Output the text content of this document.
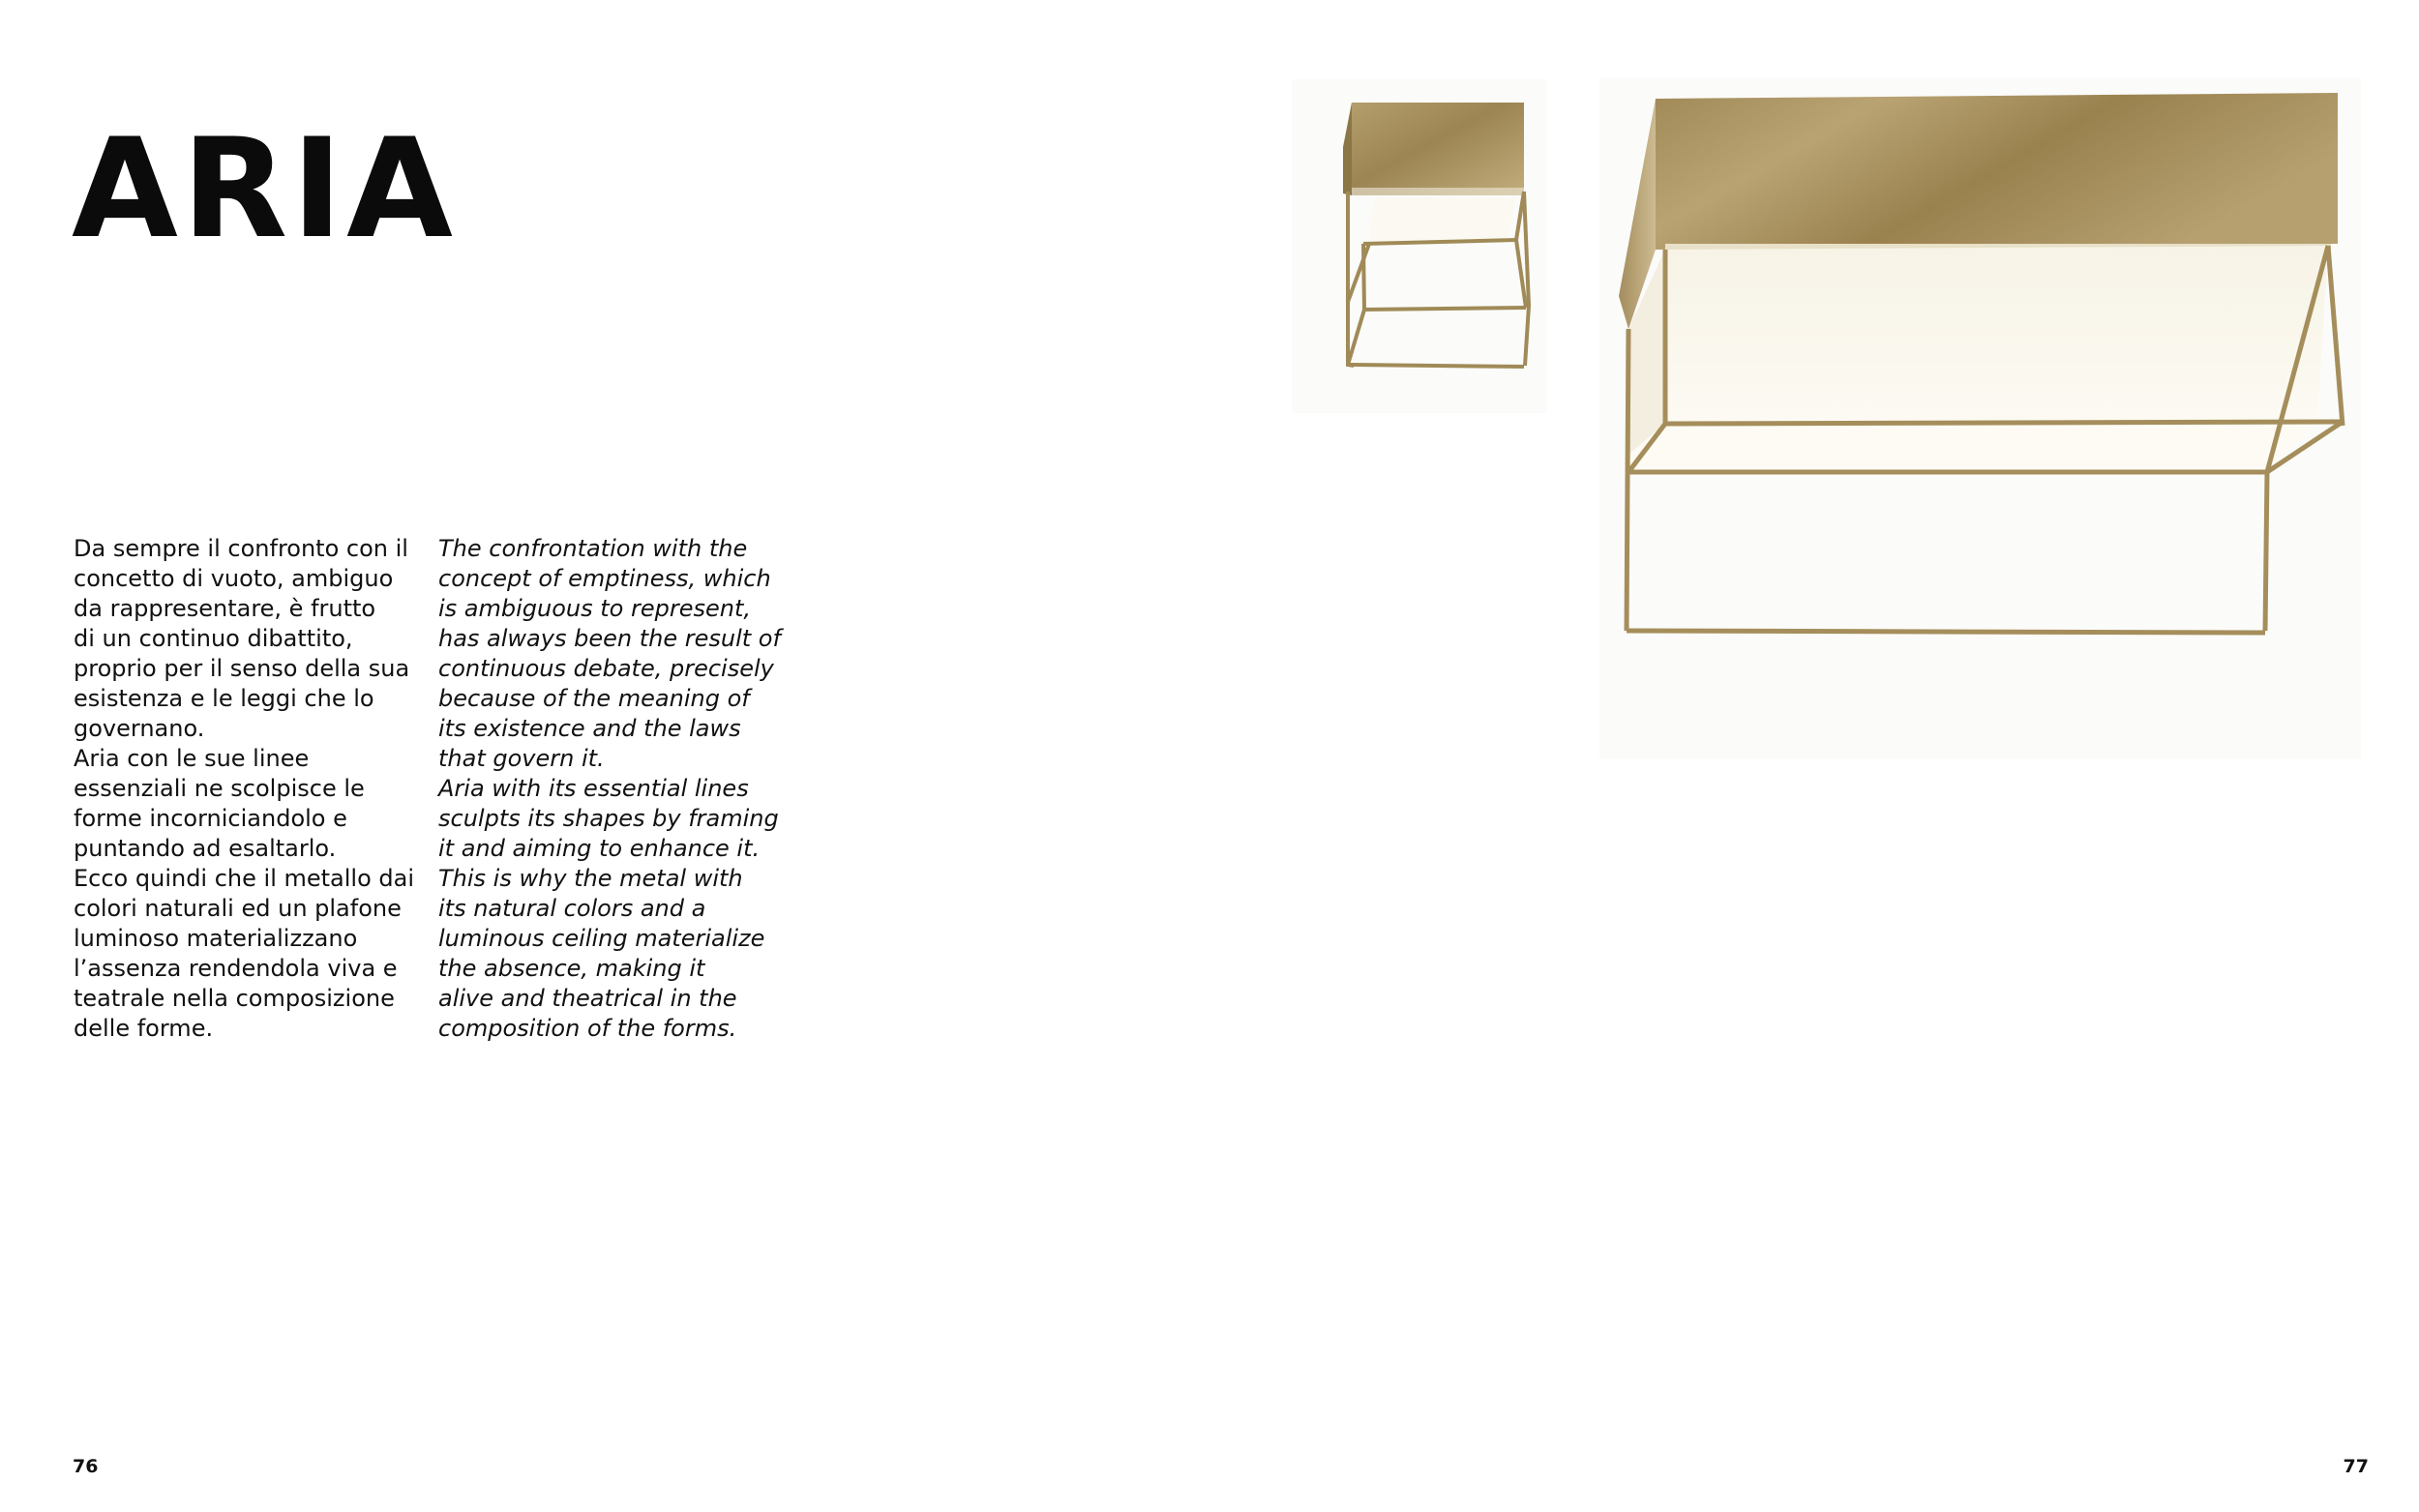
ARIA
Da sempre il confronto con il
concetto di vuoto, ambiguo
da rappresentare, è frutto
di un continuo dibattito,
proprio per il senso della sua
esistenza e le leggi che lo
governano.
Aria con le sue linee
essenziali ne scolpisce le
forme incorniciandolo e
puntando ad esaltarlo.
Ecco quindi che il metallo dai
colori naturali ed un plafone
luminoso materializzano
l’assenza rendendola viva e
teatrale nella composizione
delle forme.
The confrontation with the
concept of emptiness, which
is ambiguous to represent,
has always been the result of
continuous debate, precisely
because of the meaning of
its existence and the laws
that govern it.
Aria with its essential lines
sculpts its shapes by framing
it and aiming to enhance it.
This is why the metal with
its natural colors and a
luminous ceiling materialize
the absence, making it
alive and theatrical in the
composition of the forms.
76	77
